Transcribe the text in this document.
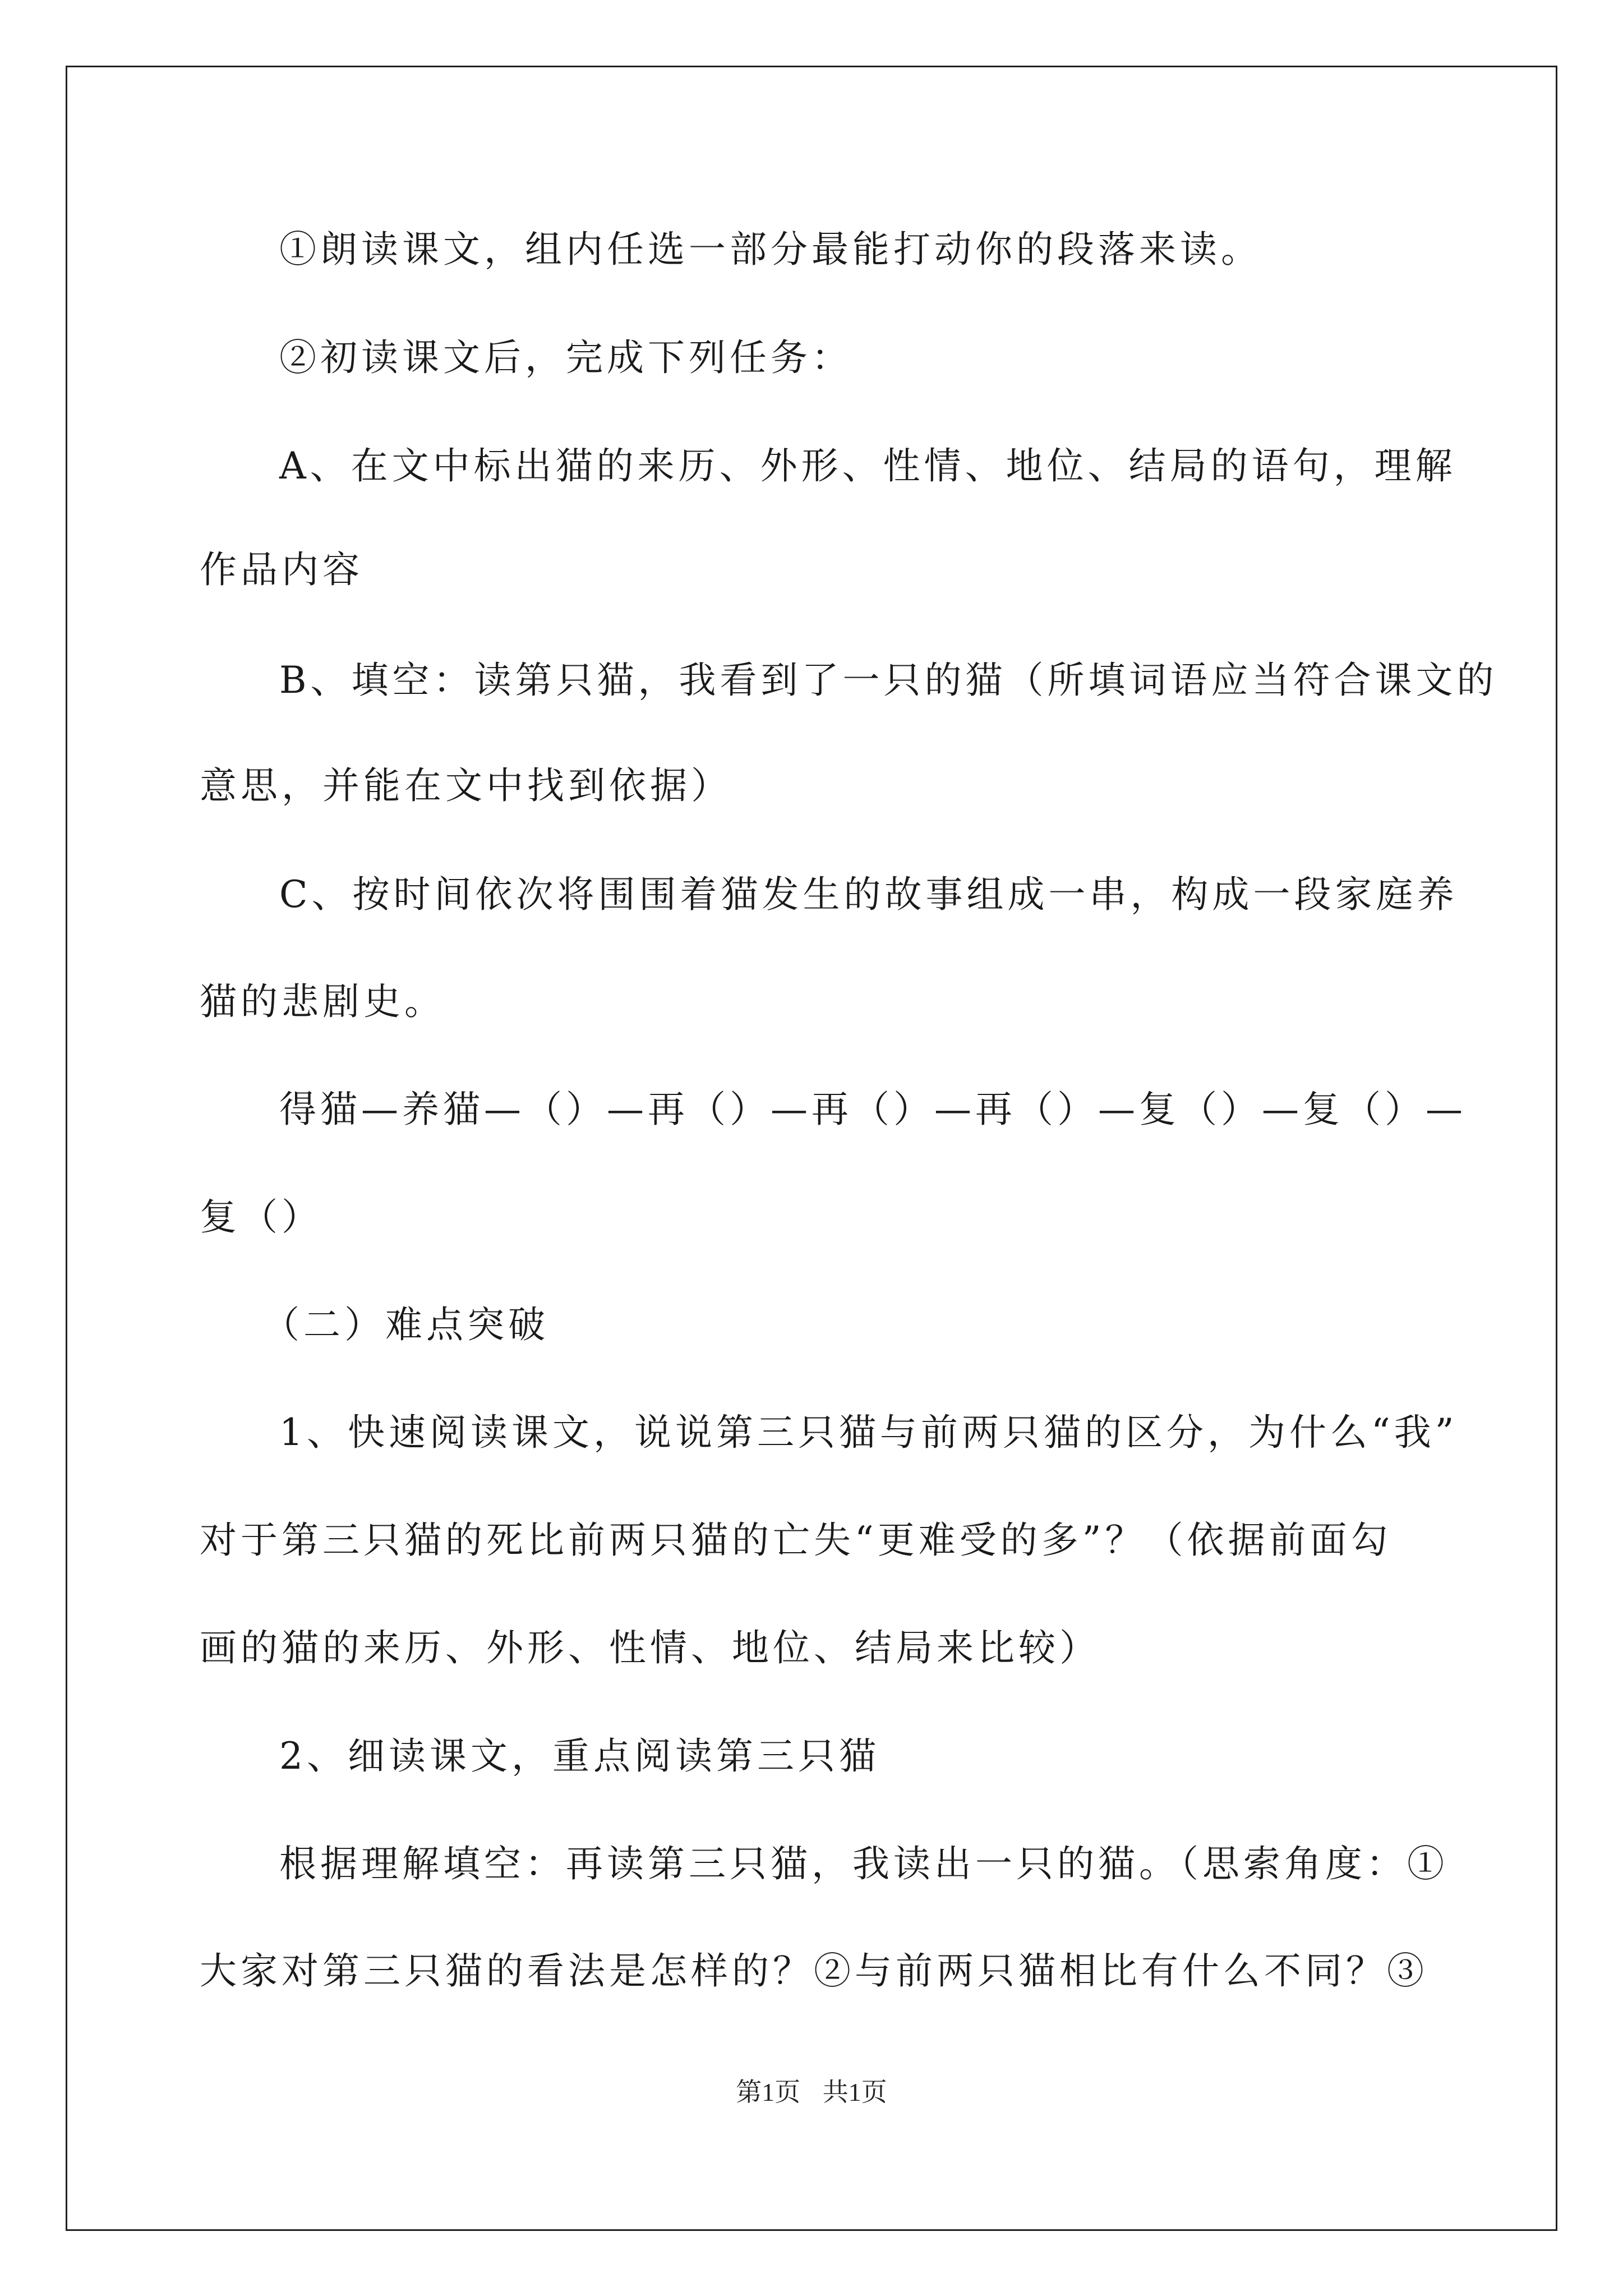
①朗读课文，组内任选一部分最能打动你的段落来读。
②初读课文后，完成下列任务：
A、在文中标出猫的来历、外形、性情、地位、结局的语句，理解
作品内容
B、填空：读第只猫，我看到了一只的猫（所填词语应当符合课文的
意思，并能在文中找到依据）
C、按时间依次将围围着猫发生的故事组成一串，构成一段家庭养
猫的悲剧史。
得猫—养猫—（）—再（）—再（）—再（）—复（）—复（）—
复（）
（二）难点突破
1、快速阅读课文，说说第三只猫与前两只猫的区分，为什么“我”
对于第三只猫的死比前两只猫的亡失“更难受的多”？（依据前面勾
画的猫的来历、外形、性情、地位、结局来比较）
2、细读课文，重点阅读第三只猫
根据理解填空：再读第三只猫，我读出一只的猫。（思索角度：①
大家对第三只猫的看法是怎样的？②与前两只猫相比有什么不同？③
第1页 共1页
